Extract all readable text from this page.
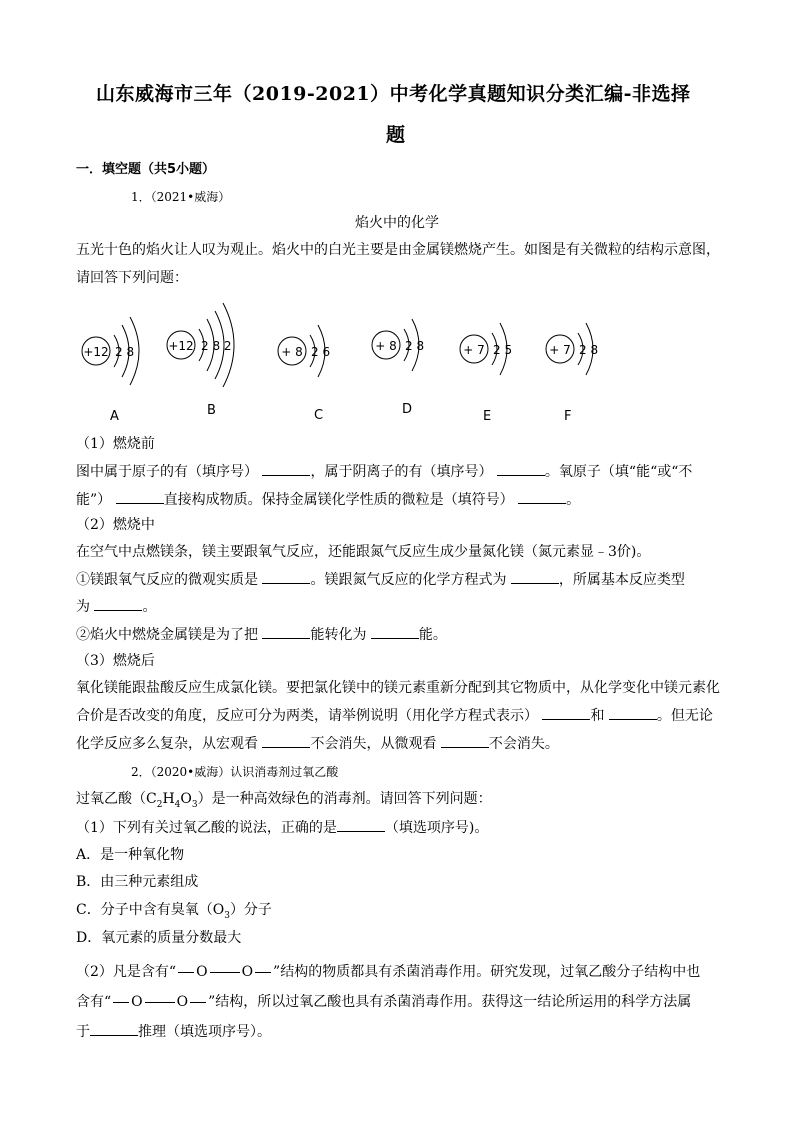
山东威海市三年（2019-2021）中考化学真题知识分类汇编-非选择
题
一．填空题（共5小题）
1．（2021•威海）
焰火中的化学
五光十色的焰火让人叹为观止。焰火中的白光主要是由金属镁燃烧产生。如图是有关微粒的结构示意图，
请回答下列问题：
+12 2 8
A
+12 2 8 2
B
+ 8 2 6
C
+ 8 2 8
D
+ 7 2 5
E
+ 7 2 8
F
（1）燃烧前
图中属于原子的有（填序号）	，属于阴离子的有（填序号）	。氧原子（填“能“或“不
能”）	直接构成物质。保持金属镁化学性质的微粒是（填符号）	。
（2）燃烧中
在空气中点燃镁条，镁主要跟氧气反应，还能跟氮气反应生成少量氮化镁（氮元素显﹣3价)。
①镁跟氧气反应的微观实质是	。镁跟氮气反应的化学方程式为	，所属基本反应类型
为	。
②焰火中燃烧金属镁是为了把	能转化为	能。
（3）燃烧后
氧化镁能跟盐酸反应生成氯化镁。要把氯化镁中的镁元素重新分配到其它物质中，从化学变化中镁元素化
合价是否改变的角度，反应可分为两类，请举例说明（用化学方程式表示）	和	。但无论
化学反应多么复杂，从宏观看	不会消失，从微观看	不会消失。
2．（2020•威海）认识消毒剂过氧乙酸
过氧乙酸$(C_2H_4O_3)$是一种高效绿色的消毒剂。请回答下列问题：
（1）下列有关过氧乙酸的说法，正确的是	（填选项序号)。
A．是一种氧化物
B．由三种元素组成
C．分子中含有臭氧$(O_3)$分子
D．氧元素的质量分数最大
（2）凡是含有“ O O ”结构的物质都具有杀菌消毒作用。研究发现，过氧乙酸分子结构中也
含有“ O O ”结构，所以过氧乙酸也具有杀菌消毒作用。获得这一结论所运用的科学方法属
于	推理（填选项序号）。
